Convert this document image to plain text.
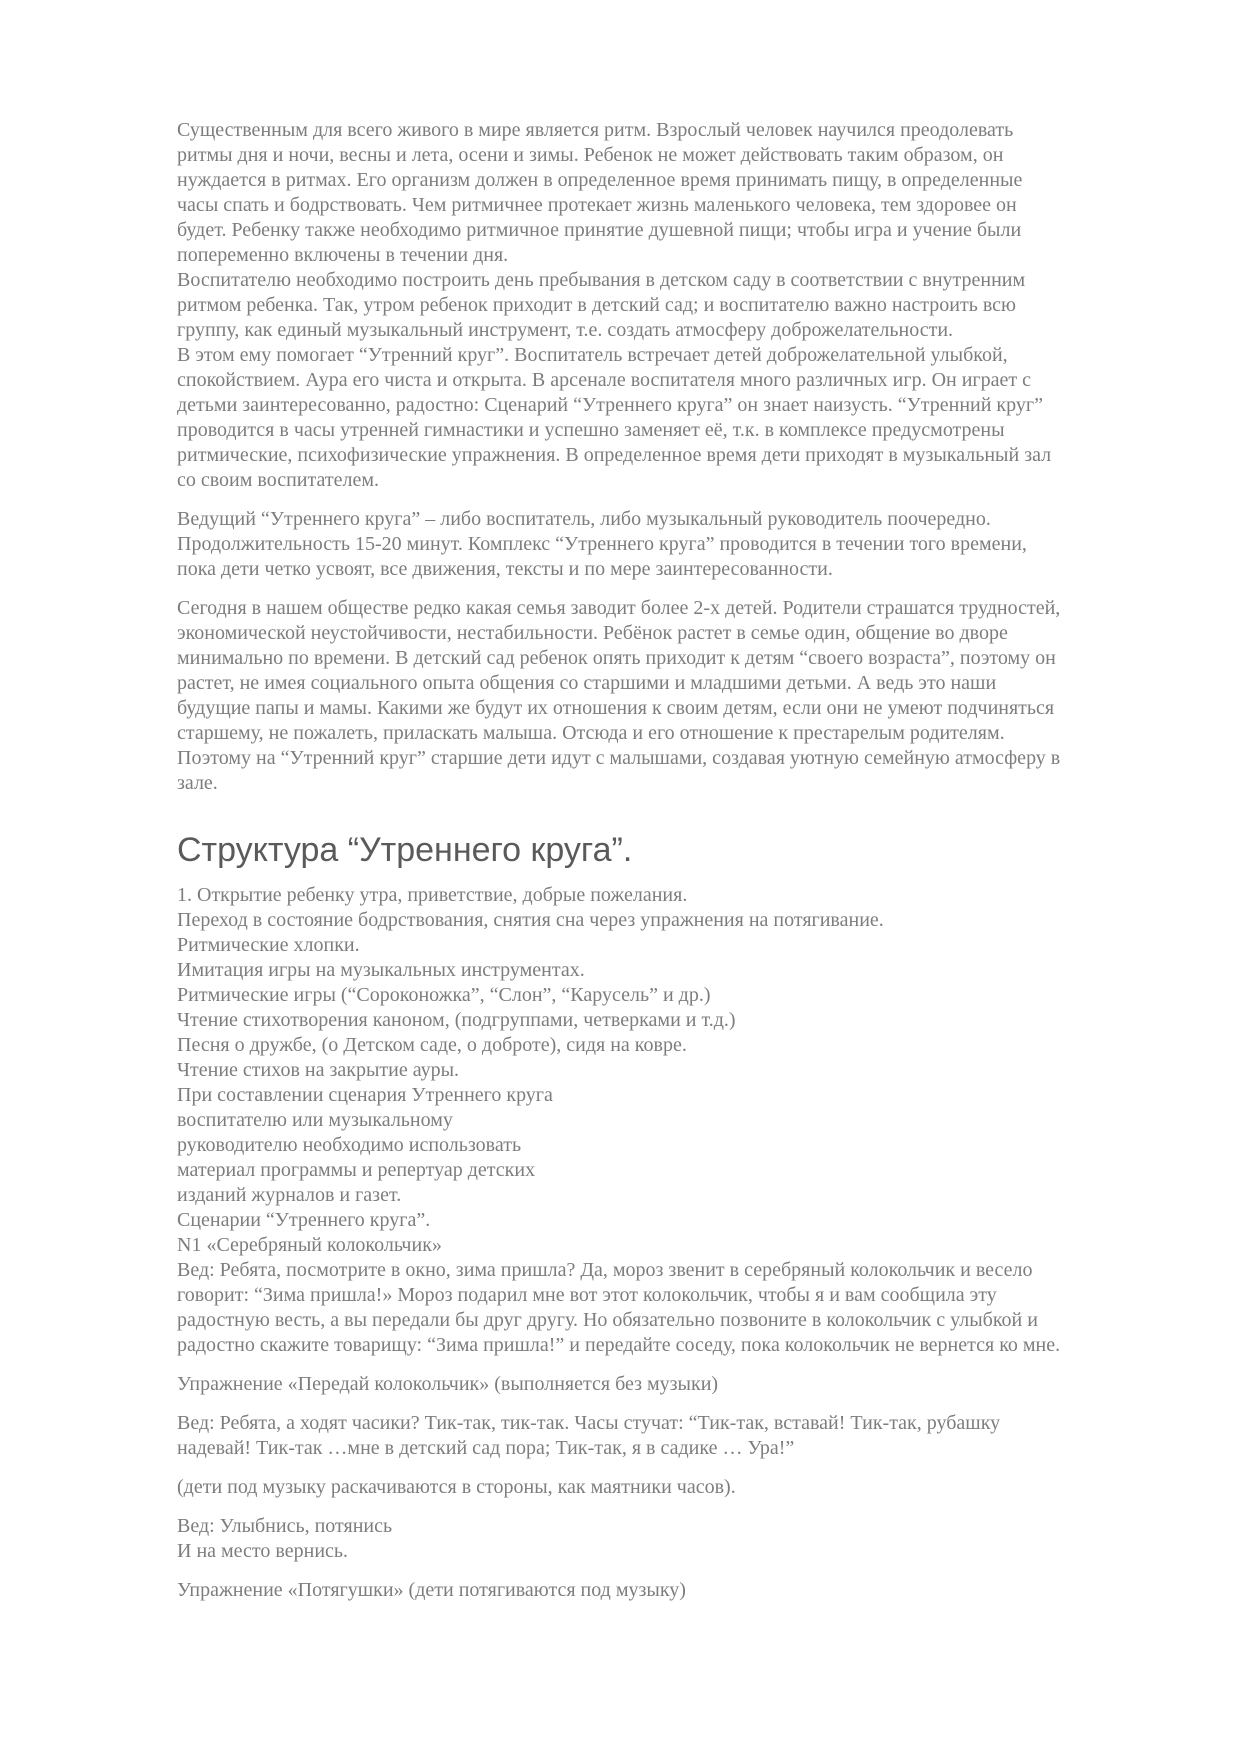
Существенным для всего живого в мире является ритм. Взрослый человек научился преодолевать
ритмы дня и ночи, весны и лета, осени и зимы. Ребенок не может действовать таким образом, он
нуждается в ритмах. Его организм должен в определенное время принимать пищу, в определенные
часы спать и бодрствовать. Чем ритмичнее протекает жизнь маленького человека, тем здоровее он
будет. Ребенку также необходимо ритмичное принятие душевной пищи; чтобы игра и учение были
попеременно включены в течении дня.
Воспитателю необходимо построить день пребывания в детском саду в соответствии с внутренним
ритмом ребенка. Так, утром ребенок приходит в детский сад; и воспитателю важно настроить всю
группу, как единый музыкальный инструмент, т.е. создать атмосферу доброжелательности.
В этом ему помогает “Утренний круг”. Воспитатель встречает детей доброжелательной улыбкой,
спокойствием. Аура его чиста и открыта. В арсенале воспитателя много различных игр. Он играет с
детьми заинтересованно, радостно: Сценарий “Утреннего круга” он знает наизусть. “Утренний круг”
проводится в часы утренней гимнастики и успешно заменяет её, т.к. в комплексе предусмотрены
ритмические, психофизические упражнения. В определенное время дети приходят в музыкальный зал
со своим воспитателем.
Ведущий “Утреннего круга” – либо воспитатель, либо музыкальный руководитель поочередно.
Продолжительность 15-20 минут. Комплекс “Утреннего круга” проводится в течении того времени,
пока дети четко усвоят, все движения, тексты и по мере заинтересованности.
Сегодня в нашем обществе редко какая семья заводит более 2-х детей. Родители страшатся трудностей,
экономической неустойчивости, нестабильности. Ребёнок растет в семье один, общение во дворе
минимально по времени. В детский сад ребенок опять приходит к детям “своего возраста”, поэтому он
растет, не имея социального опыта общения со старшими и младшими детьми. А ведь это наши
будущие папы и мамы. Какими же будут их отношения к своим детям, если они не умеют подчиняться
старшему, не пожалеть, приласкать малыша. Отсюда и его отношение к престарелым родителям.
Поэтому на “Утренний круг” старшие дети идут с малышами, создавая уютную семейную атмосферу в
зале.
Структура “Утреннего круга”.
1. Открытие ребенку утра, приветствие, добрые пожелания.
Переход в состояние бодрствования, снятия сна через упражнения на потягивание.
Ритмические хлопки.
Имитация игры на музыкальных инструментах.
Ритмические игры (“Сороконожка”, “Слон”, “Карусель” и др.)
Чтение стихотворения каноном, (подгруппами, четверками и т.д.)
Песня о дружбе, (о Детском саде, о доброте), сидя на ковре.
Чтение стихов на закрытие ауры.
При составлении сценария Утреннего круга
воспитателю или музыкальному
руководителю необходимо использовать
материал программы и репертуар детских
изданий журналов и газет.
Сценарии “Утреннего круга”.
N1 «Серебряный колокольчик»
Вед: Ребята, посмотрите в окно, зима пришла? Да, мороз звенит в серебряный колокольчик и весело
говорит: “Зима пришла!» Мороз подарил мне вот этот колокольчик, чтобы я и вам сообщила эту
радостную весть, а вы передали бы друг другу. Но обязательно позвоните в колокольчик с улыбкой и
радостно скажите товарищу: “Зима пришла!” и передайте соседу, пока колокольчик не вернется ко мне.
Упражнение «Передай колокольчик» (выполняется без музыки)
Вед: Ребята, а ходят часики? Тик-так, тик-так. Часы стучат: “Тик-так, вставай! Тик-так, рубашку
надевай! Тик-так …мне в детский сад пора; Тик-так, я в садике … Ура!”
(дети под музыку раскачиваются в стороны, как маятники часов).
Вед: Улыбнись, потянись
И на место вернись.
Упражнение «Потягушки» (дети потягиваются под музыку)
